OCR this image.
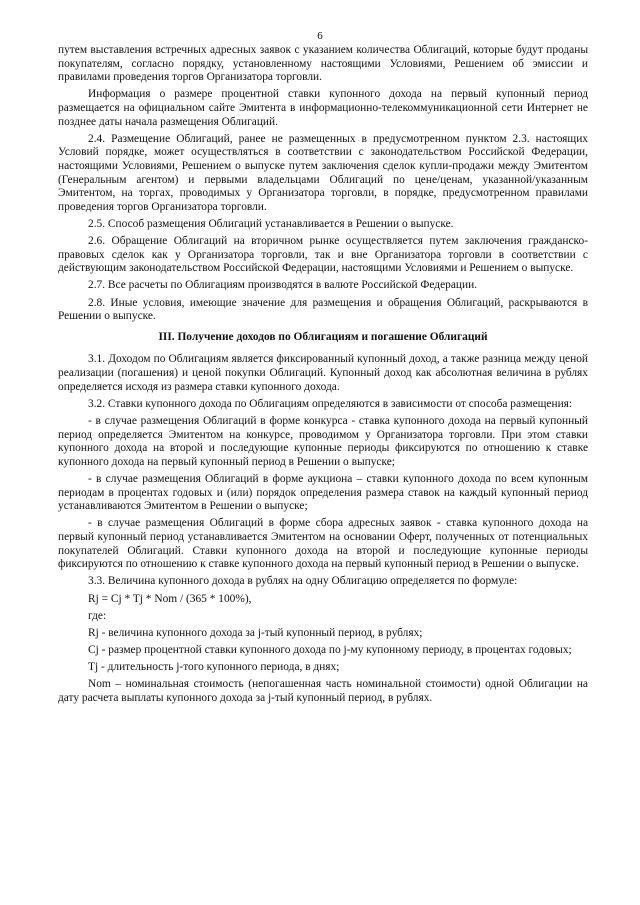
6

путем выставления встречных адресных заявок с указанием количества Облигаций, которые будут проданы покупателям, согласно порядку, установленному настоящими Условиями, Решением об эмиссии и правилами проведения торгов Организатора торговли.

Информация о размере процентной ставки купонного дохода на первый купонный период размещается на официальном сайте Эмитента в информационно-телекоммуникационной сети Интернет не позднее даты начала размещения Облигаций.

2.4. Размещение Облигаций, ранее не размещенных в предусмотренном пунктом 2.3. настоящих Условий порядке, может осуществляться в соответствии с законодательством Российской Федерации, настоящими Условиями, Решением о выпуске путем заключения сделок купли-продажи между Эмитентом (Генеральным агентом) и первыми владельцами Облигаций по цене/ценам, указанной/указанным Эмитентом, на торгах, проводимых у Организатора торговли, в порядке, предусмотренном правилами проведения торгов Организатора торговли.

2.5. Способ размещения Облигаций устанавливается в Решении о выпуске.

2.6. Обращение Облигаций на вторичном рынке осуществляется путем заключения гражданско-правовых сделок как у Организатора торговли, так и вне Организатора торговли в соответствии с действующим законодательством Российской Федерации, настоящими Условиями и Решением о выпуске.

2.7. Все расчеты по Облигациям производятся в валюте Российской Федерации.

2.8. Иные условия, имеющие значение для размещения и обращения Облигаций, раскрываются в Решении о выпуске.

III. Получение доходов по Облигациям и погашение Облигаций

3.1. Доходом по Облигациям является фиксированный купонный доход, а также разница между ценой реализации (погашения) и ценой покупки Облигаций. Купонный доход как абсолютная величина в рублях определяется исходя из размера ставки купонного дохода.

3.2. Ставки купонного дохода по Облигациям определяются в зависимости от способа размещения:

- в случае размещения Облигаций в форме конкурса - ставка купонного дохода на первый купонный период определяется Эмитентом на конкурсе, проводимом у Организатора торговли. При этом ставки купонного дохода на второй и последующие купонные периоды фиксируются по отношению к ставке купонного дохода на первый купонный период в Решении о выпуске;

- в случае размещения Облигаций в форме аукциона – ставки купонного дохода по всем купонным периодам в процентах годовых и (или) порядок определения размера ставок на каждый купонный период устанавливаются Эмитентом в Решении о выпуске;

- в случае размещения Облигаций в форме сбора адресных заявок - ставка купонного дохода на первый купонный период устанавливается Эмитентом на основании Оферт, полученных от потенциальных покупателей Облигаций. Ставки купонного дохода на второй и последующие купонные периоды фиксируются по отношению к ставке купонного дохода на первый купонный период в Решении о выпуске.

3.3. Величина купонного дохода в рублях на одну Облигацию определяется по формуле:

Rj = Cj * Tj * Nom / (365 * 100%),

где:

Rj - величина купонного дохода за j-тый купонный период, в рублях;

Cj - размер процентной ставки купонного дохода по j-му купонному периоду, в процентах годовых;

Tj - длительность j-того купонного периода, в днях;

Nom – номинальная стоимость (непогашенная часть номинальной стоимости) одной Облигации на дату расчета выплаты купонного дохода за j-тый купонный период, в рублях.
